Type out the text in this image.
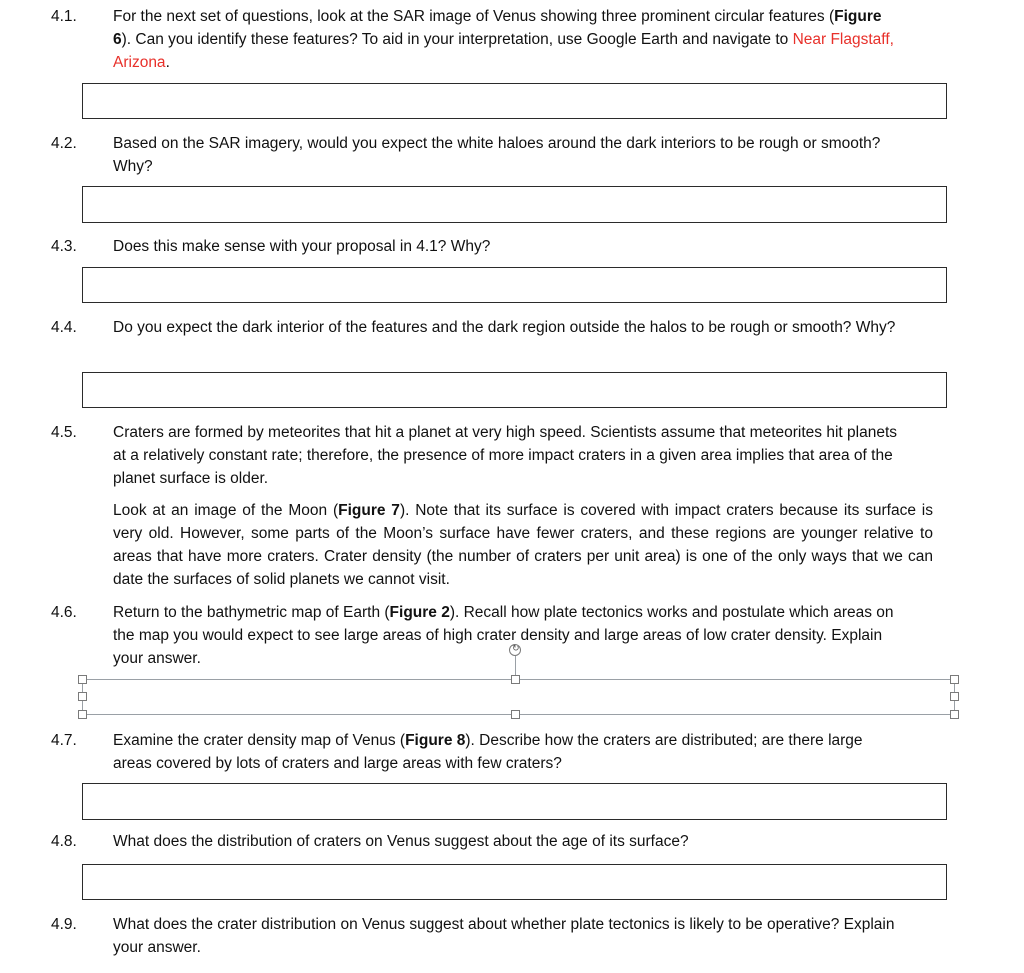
4.1. For the next set of questions, look at the SAR image of Venus showing three prominent circular features (Figure 6). Can you identify these features? To aid in your interpretation, use Google Earth and navigate to Near Flagstaff, Arizona.

4.2. Based on the SAR imagery, would you expect the white haloes around the dark interiors to be rough or smooth? Why?

4.3. Does this make sense with your proposal in 4.1? Why?

4.4. Do you expect the dark interior of the features and the dark region outside the halos to be rough or smooth? Why?

4.5. Craters are formed by meteorites that hit a planet at very high speed. Scientists assume that meteorites hit planets at a relatively constant rate; therefore, the presence of more impact craters in a given area implies that area of the planet surface is older.

Look at an image of the Moon (Figure 7). Note that its surface is covered with impact craters because its surface is very old. However, some parts of the Moon’s surface have fewer craters, and these regions are younger relative to areas that have more craters. Crater density (the number of craters per unit area) is one of the only ways that we can date the surfaces of solid planets we cannot visit.

4.6. Return to the bathymetric map of Earth (Figure 2). Recall how plate tectonics works and postulate which areas on the map you would expect to see large areas of high crater density and large areas of low crater density. Explain your answer.

↻

4.7. Examine the crater density map of Venus (Figure 8). Describe how the craters are distributed; are there large areas covered by lots of craters and large areas with few craters?

4.8. What does the distribution of craters on Venus suggest about the age of its surface?

4.9. What does the crater distribution on Venus suggest about whether plate tectonics is likely to be operative? Explain your answer.
